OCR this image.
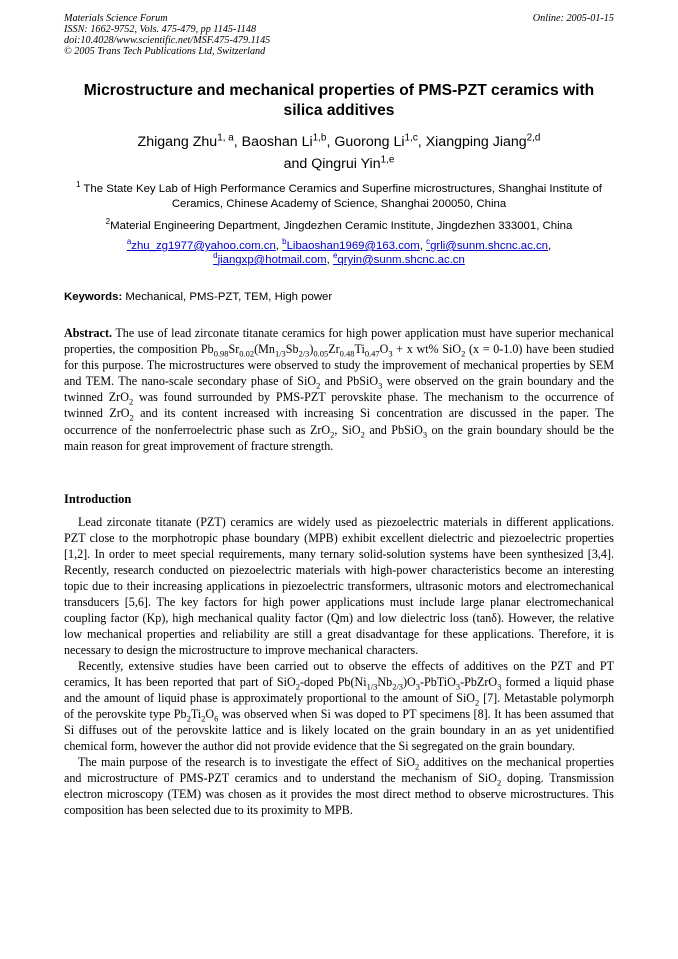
Materials Science Forum
ISSN: 1662-9752, Vols. 475-479, pp 1145-1148
doi:10.4028/www.scientific.net/MSF.475-479.1145
© 2005 Trans Tech Publications Ltd, Switzerland
Online: 2005-01-15
Microstructure and mechanical properties of PMS-PZT ceramics with silica additives
Zhigang Zhu$^{1, a}$, Baoshan Li$^{1,b}$, Guorong Li$^{1,c}$, Xiangping Jiang$^{2,d}$
and Qingrui Yin$^{1,e}$
$^1$ The State Key Lab of High Performance Ceramics and Superfine microstructures, Shanghai Institute of Ceramics, Chinese Academy of Science, Shanghai 200050, China
$^2$Material Engineering Department, Jingdezhen Ceramic Institute, Jingdezhen 333001, China
$^a$zhu_zg1977@yahoo.com.cn, $^b$Libaoshan1969@163.com, $^c$grli@sunm.shcnc.ac.cn,
$^d$jiangxp@hotmail.com, $^e$qryin@sunm.shcnc.ac.cn
Keywords: Mechanical, PMS-PZT, TEM, High power
Abstract. The use of lead zirconate titanate ceramics for high power application must have superior mechanical properties, the composition $Pb_{0.98}Sr_{0.02}(Mn_{1/3}Sb_{2/3})_{0.05}Zr_{0.48}Ti_{0.47}O_3 + x$ wt% SiO$_2$ (x = 0-1.0) have been studied for this purpose. The microstructures were observed to study the improvement of mechanical properties by SEM and TEM. The nano-scale secondary phase of SiO$_2$ and PbSiO$_3$ were observed on the grain boundary and the twinned ZrO$_2$ was found surrounded by PMS-PZT perovskite phase. The mechanism to the occurrence of twinned ZrO$_2$ and its content increased with increasing Si concentration are discussed in the paper. The occurrence of the nonferroelectric phase such as ZrO$_2$, SiO$_2$ and PbSiO$_3$ on the grain boundary should be the main reason for great improvement of fracture strength.
Introduction

Lead zirconate titanate (PZT) ceramics are widely used as piezoelectric materials in different applications. PZT close to the morphotropic phase boundary (MPB) exhibit excellent dielectric and piezoelectric properties [1,2]. In order to meet special requirements, many ternary solid-solution systems have been synthesized [3,4]. Recently, research conducted on piezoelectric materials with high-power characteristics become an interesting topic due to their increasing applications in piezoelectric transformers, ultrasonic motors and electromechanical transducers [5,6]. The key factors for high power applications must include large planar electromechanical coupling factor (Kp), high mechanical quality factor (Qm) and low dielectric loss (tanδ). However, the relative low mechanical properties and reliability are still a great disadvantage for these applications. Therefore, it is necessary to design the microstructure to improve mechanical characters.

Recently, extensive studies have been carried out to observe the effects of additives on the PZT and PT ceramics, It has been reported that part of SiO$_2$-doped $Pb(Ni_{1/3}Nb_{2/3})O_3-PbTiO_3-PbZrO_3$ formed a liquid phase and the amount of liquid phase is approximately proportional to the amount of SiO$_2$ [7]. Metastable polymorph of the perovskite type $Pb_2Ti_2O_6$ was observed when Si was doped to PT specimens [8]. It has been assumed that Si diffuses out of the perovskite lattice and is likely located on the grain boundary in an as yet unidentified chemical form, however the author did not provide evidence that the Si segregated on the grain boundary.

The main purpose of the research is to investigate the effect of SiO$_2$ additives on the mechanical properties and microstructure of PMS-PZT ceramics and to understand the mechanism of SiO$_2$ doping. Transmission electron microscopy (TEM) was chosen as it provides the most direct method to observe microstructures. This composition has been selected due to its proximity to MPB.
